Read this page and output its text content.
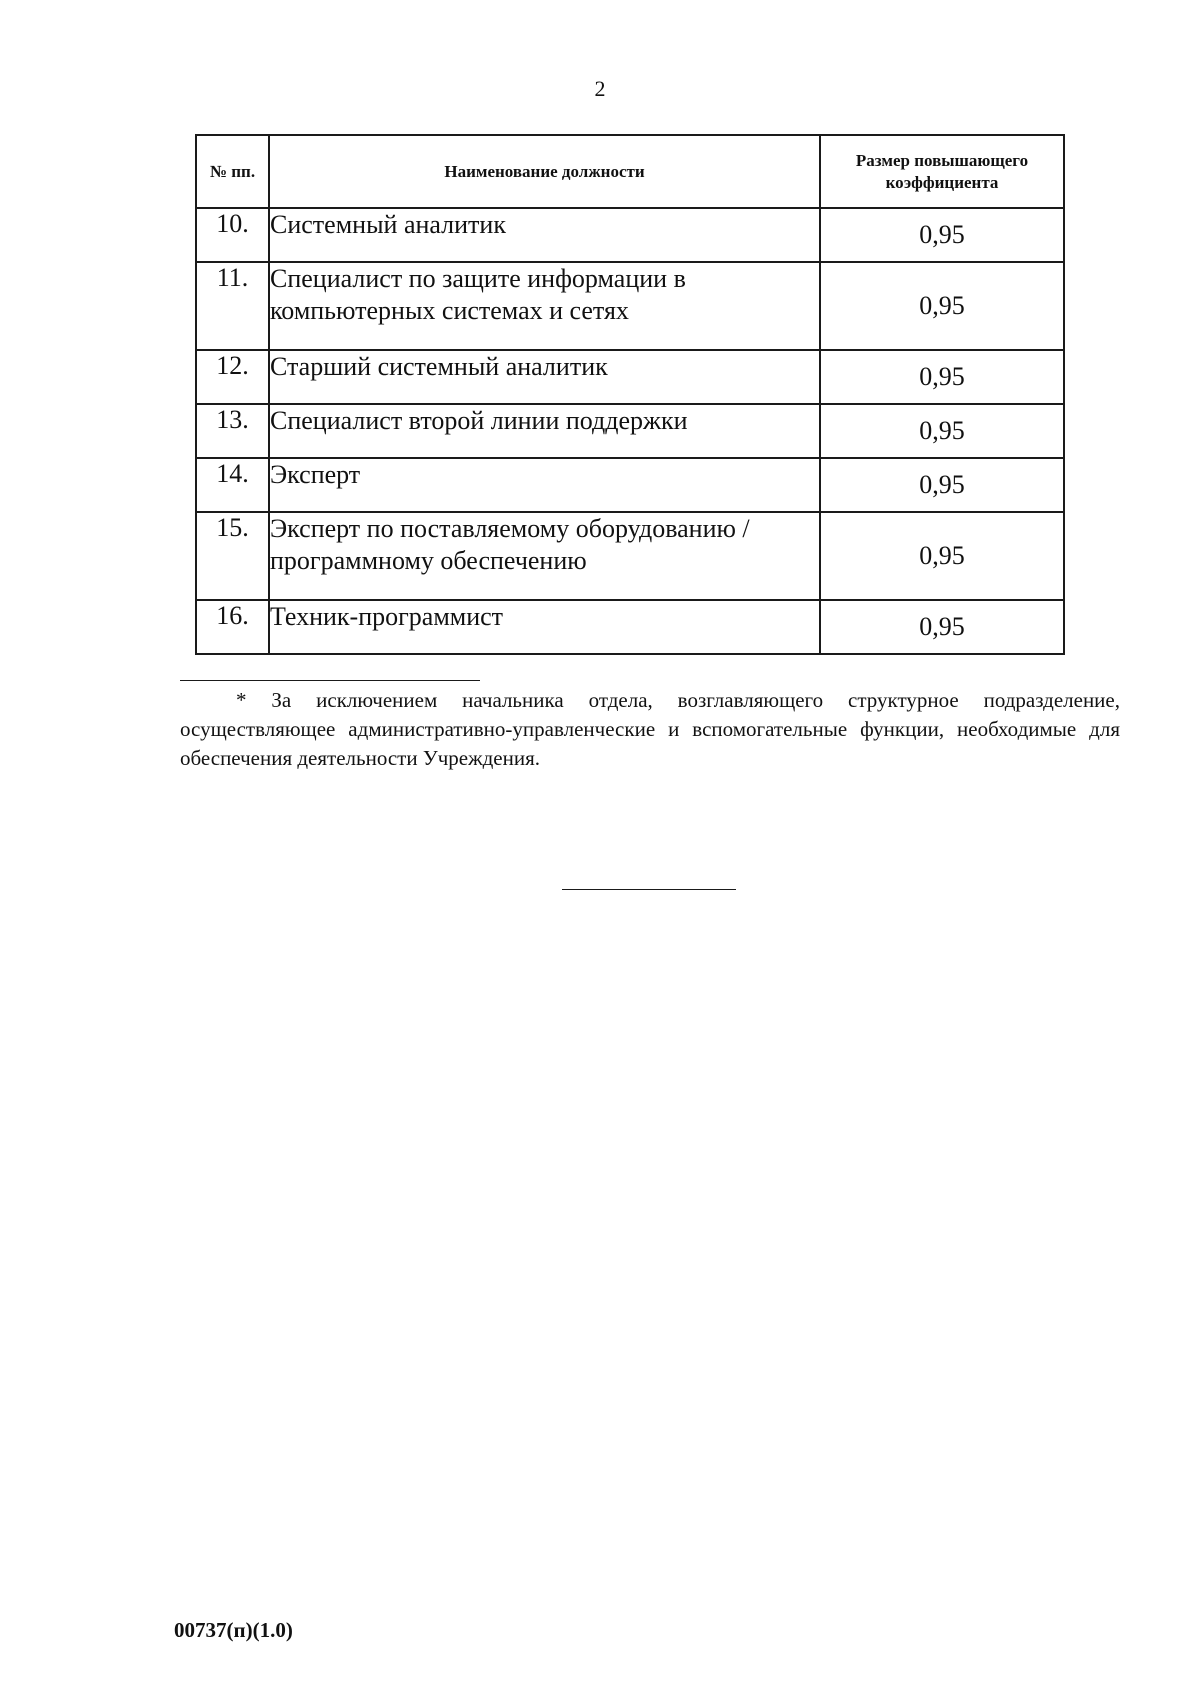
2
№ пп.	Наименование должности	Размер повышающего коэффициента
10.	Системный аналитик	0,95
11.	Специалист по защите информации в компьютерных системах и сетях	0,95
12.	Старший системный аналитик	0,95
13.	Специалист второй линии поддержки	0,95
14.	Эксперт	0,95
15.	Эксперт по поставляемому оборудованию / программному обеспечению	0,95
16.	Техник-программист	0,95
* За исключением начальника отдела, возглавляющего структурное подразделение, осуществляющее административно-управленческие и вспомогательные функции, необходимые для обеспечения деятельности Учреждения.
00737(п)(1.0)
